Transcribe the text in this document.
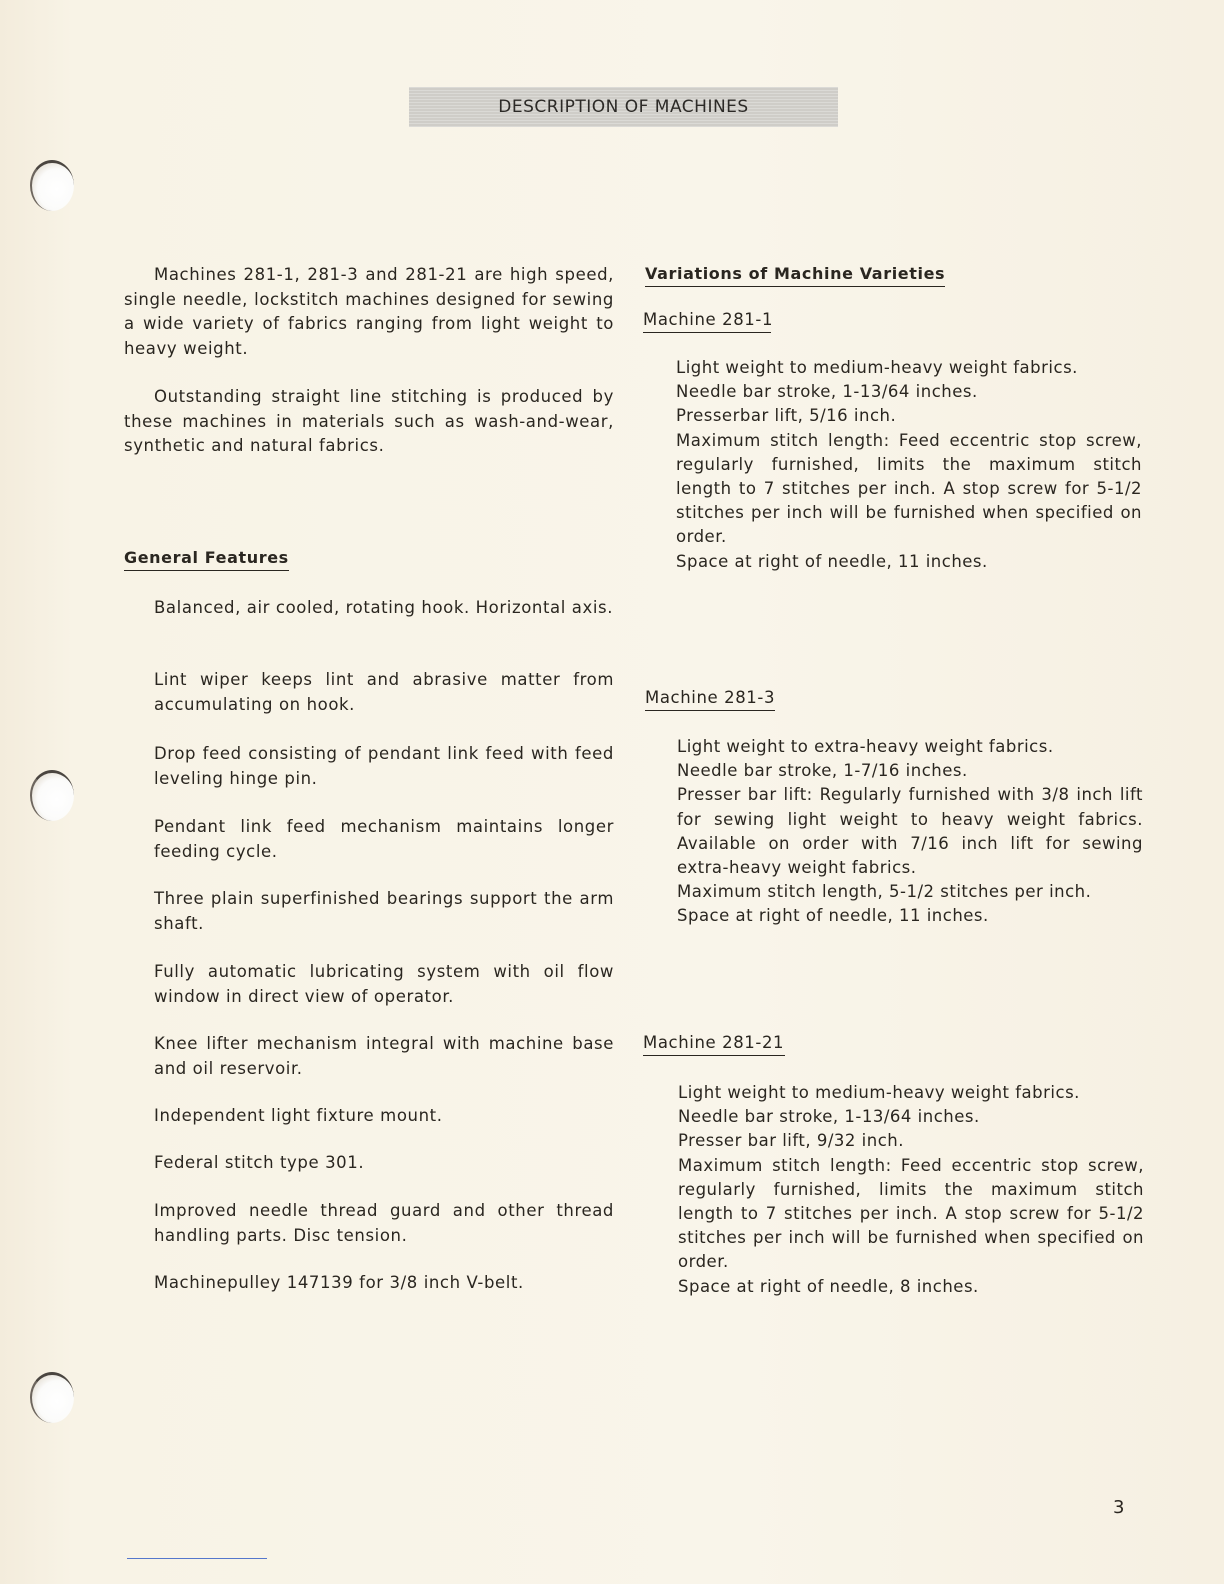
DESCRIPTION OF MACHINES

Machines 281-1, 281-3 and 281-21 are high speed, single needle, lockstitch machines designed for sewing a wide variety of fabrics ranging from light weight to heavy weight.

Outstanding straight line stitching is produced by these machines in materials such as wash-and-wear, synthetic and natural fabrics.

General Features

Balanced, air cooled, rotating hook. Horizontal axis.

Lint wiper keeps lint and abrasive matter from accumulating on hook.

Drop feed consisting of pendant link feed with feed leveling hinge pin.

Pendant link feed mechanism maintains longer feeding cycle.

Three plain superfinished bearings support the arm shaft.

Fully automatic lubricating system with oil flow window in direct view of operator.

Knee lifter mechanism integral with machine base and oil reservoir.

Independent light fixture mount.

Federal stitch type 301.

Improved needle thread guard and other thread handling parts. Disc tension.

Machinepulley 147139 for 3/8 inch V-belt.

Variations of Machine Varieties
Machine 281-1

Light weight to medium-heavy weight fabrics.

Needle bar stroke, 1-13/64 inches.

Presserbar lift, 5/16 inch.

Maximum stitch length: Feed eccentric stop screw, regularly furnished, limits the maximum stitch length to 7 stitches per inch. A stop screw for 5-1/2 stitches per inch will be furnished when specified on order.

Space at right of needle, 11 inches.

Machine 281-3

Light weight to extra-heavy weight fabrics.

Needle bar stroke, 1-7/16 inches.

Presser bar lift: Regularly furnished with 3/8 inch lift for sewing light weight to heavy weight fabrics. Available on order with 7/16 inch lift for sewing extra-heavy weight fabrics.

Maximum stitch length, 5-1/2 stitches per inch.

Space at right of needle, 11 inches.

Machine 281-21

Light weight to medium-heavy weight fabrics.

Needle bar stroke, 1-13/64 inches.

Presser bar lift, 9/32 inch.

Maximum stitch length: Feed eccentric stop screw, regularly furnished, limits the maximum stitch length to 7 stitches per inch. A stop screw for 5-1/2 stitches per inch will be furnished when specified on order.

Space at right of needle, 8 inches.

3
